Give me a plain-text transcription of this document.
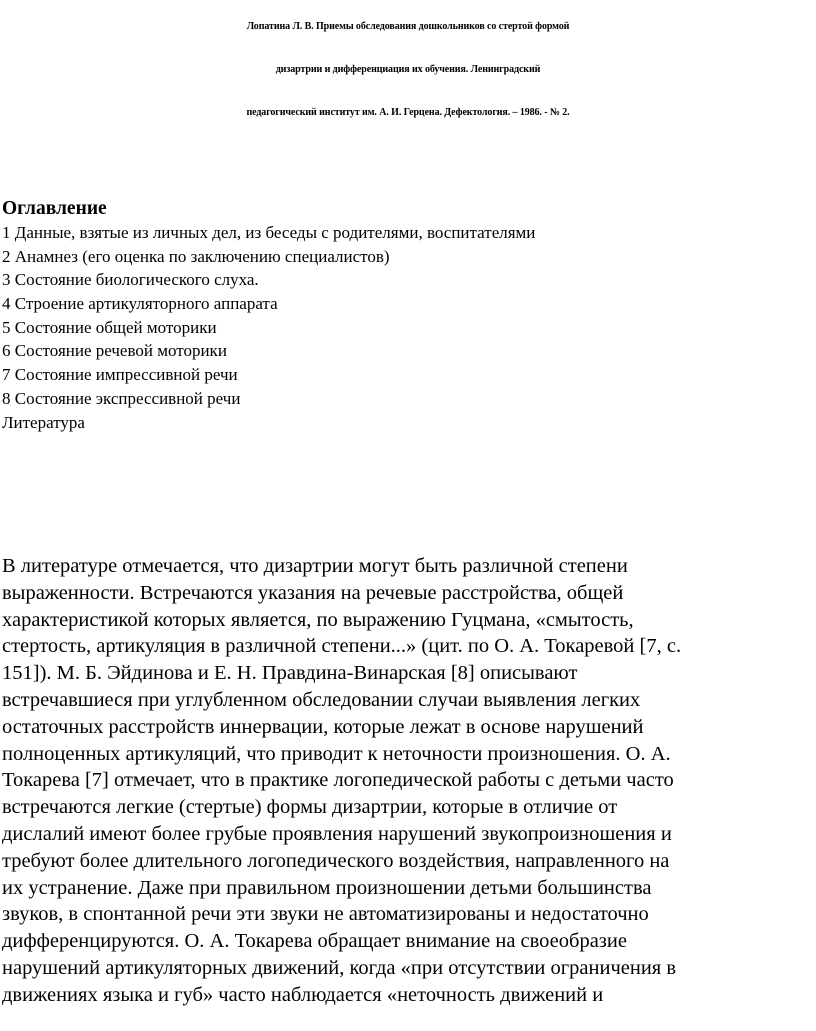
Лопатина Л. В. Приемы обследования дошкольников со стертой формой
дизартрии и дифференциация их обучения. Ленинградский
педагогический институт им. А. И. Герцена. Дефектология. – 1986. - № 2.
Оглавление
1 Данные, взятые из личных дел, из беседы с родителями, воспитателями
2 Анамнез (его оценка по заключению специалистов)
3 Состояние биологического слуха.
4 Строение артикуляторного аппарата
5 Состояние общей моторики
6 Состояние речевой моторики
7 Состояние импрессивной речи
8 Состояние экспрессивной речи
Литература
В литературе отмечается, что дизартрии могут быть различной степени
выраженности. Встречаются указания на речевые расстройства, общей
характеристикой которых является, по выражению Гуцмана, «смытость,
стертость, артикуляция в различной степени...» (цит. по О. А. Токаревой [7, с.
151]). М. Б. Эйдинова и Е. Н. Правдина-Винарская [8] описывают
встречавшиеся при углубленном обследовании случаи выявления легких
остаточных расстройств иннервации, которые лежат в основе нарушений
полноценных артикуляций, что приводит к неточности произношения. О. А.
Токарева [7] отмечает, что в практике логопедической работы с детьми часто
встречаются легкие (стертые) формы дизартрии, которые в отличие от
дислалий имеют более грубые проявления нарушений звукопроизношения и
требуют более длительного логопедического воздействия, направленного на
их устранение. Даже при правильном произношении детьми большинства
звуков, в спонтанной речи эти звуки не автоматизированы и недостаточно
дифференцируются. О. А. Токарева обращает внимание на своеобразие
нарушений артикуляторных движений, когда «при отсутствии ограничения в
движениях языка и губ» часто наблюдается «неточность движений и
